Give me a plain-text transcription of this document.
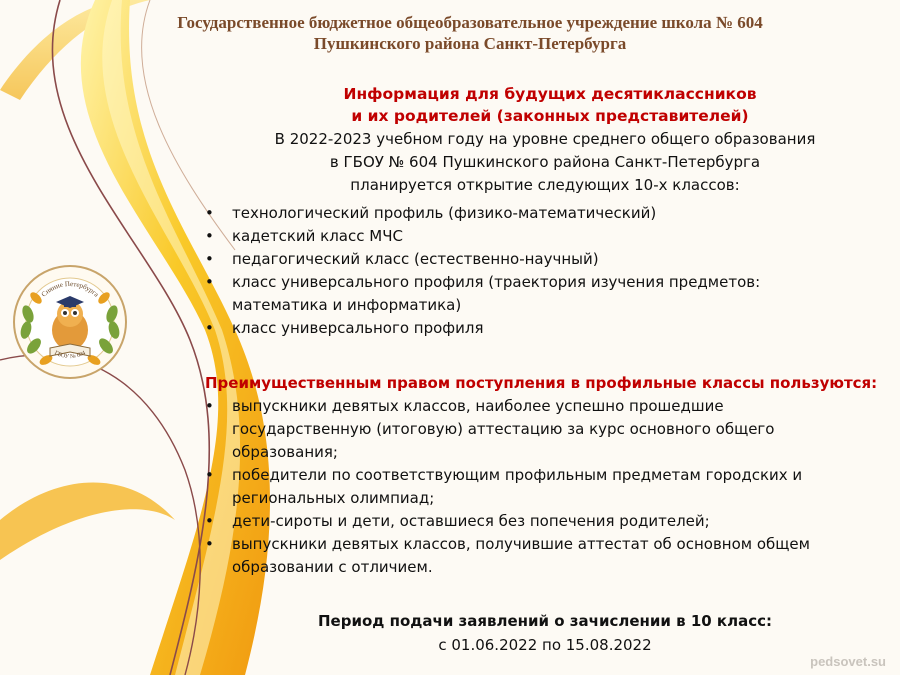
Сияние Петербурга
ГБОУ № 604
Государственное бюджетное общеобразовательное учреждение школа № 604
Пушкинского района Санкт-Петербурга
Информация для будущих десятиклассников
и их родителей (законных представителей)
В 2022-2023 учебном году на уровне среднего общего образования
в ГБОУ № 604 Пушкинского района Санкт-Петербурга
планируется открытие следующих 10-х классов:
• технологический профиль (физико-математический)
• кадетский класс МЧС
• педагогический класс (естественно-научный)
• класс универсального профиля (траектория изучения предметов: математика и информатика)
• класс универсального профиля
Преимущественным правом поступления в профильные классы пользуются:
• выпускники девятых классов, наиболее успешно прошедшие государственную (итоговую) аттестацию за курс основного общего образования;
• победители по соответствующим профильным предметам городских и региональных олимпиад;
• дети-сироты и дети, оставшиеся без попечения родителей;
• выпускники девятых классов, получившие аттестат об основном общем образовании с отличием.
Период подачи заявлений о зачислении в 10 класс:
с 01.06.2022 по 15.08.2022
pedsovet.su
